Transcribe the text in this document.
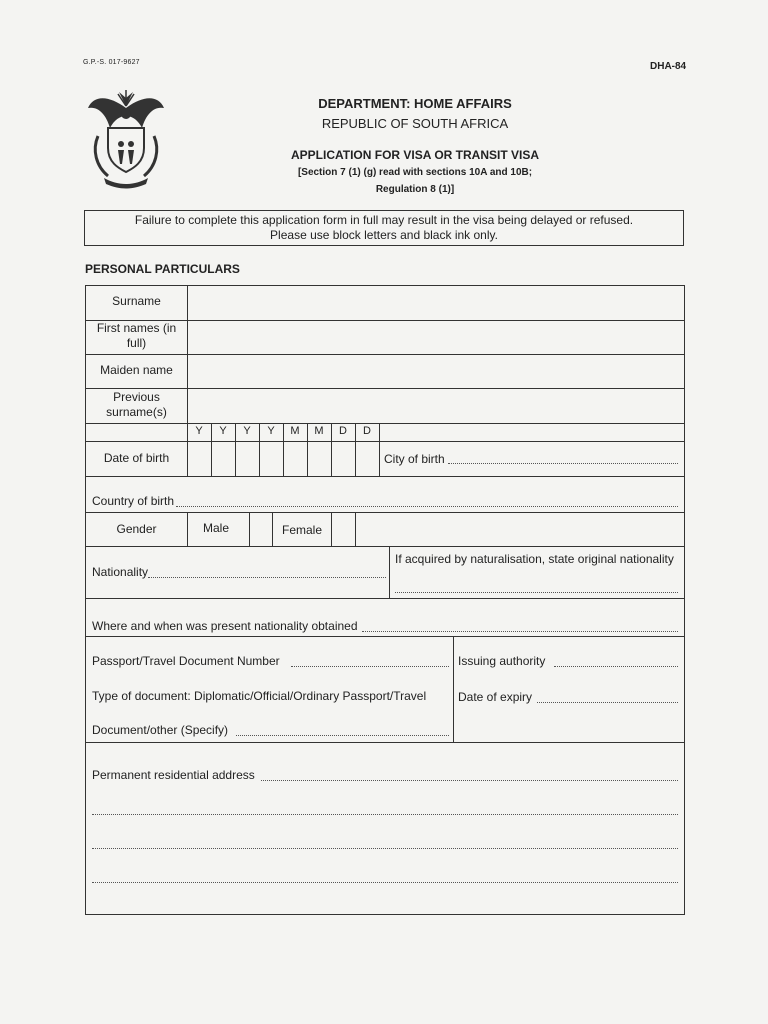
G.P.-S. 017-9627	DHA-84
DEPARTMENT: HOME AFFAIRS
REPUBLIC OF SOUTH AFRICA
APPLICATION FOR VISA OR TRANSIT VISA
[Section 7 (1) (g) read with sections 10A and 10B;
Regulation 8 (1)]
Failure to complete this application form in full may result in the visa being delayed or refused.
Please use block letters and black ink only.
PERSONAL PARTICULARS
Surname
First names (in full)
Maiden name
Previous surname(s)
Y	Y	Y	Y	M	M	D	D
Date of birth	City of birth
Country of birth
Gender	Male	Female
Nationality
If acquired by naturalisation, state original nationality
Where and when was present nationality obtained
Passport/Travel Document Number	Issuing authority
Type of document: Diplomatic/Official/Ordinary Passport/Travel	Date of expiry
Document/other (Specify)
Permanent residential address
